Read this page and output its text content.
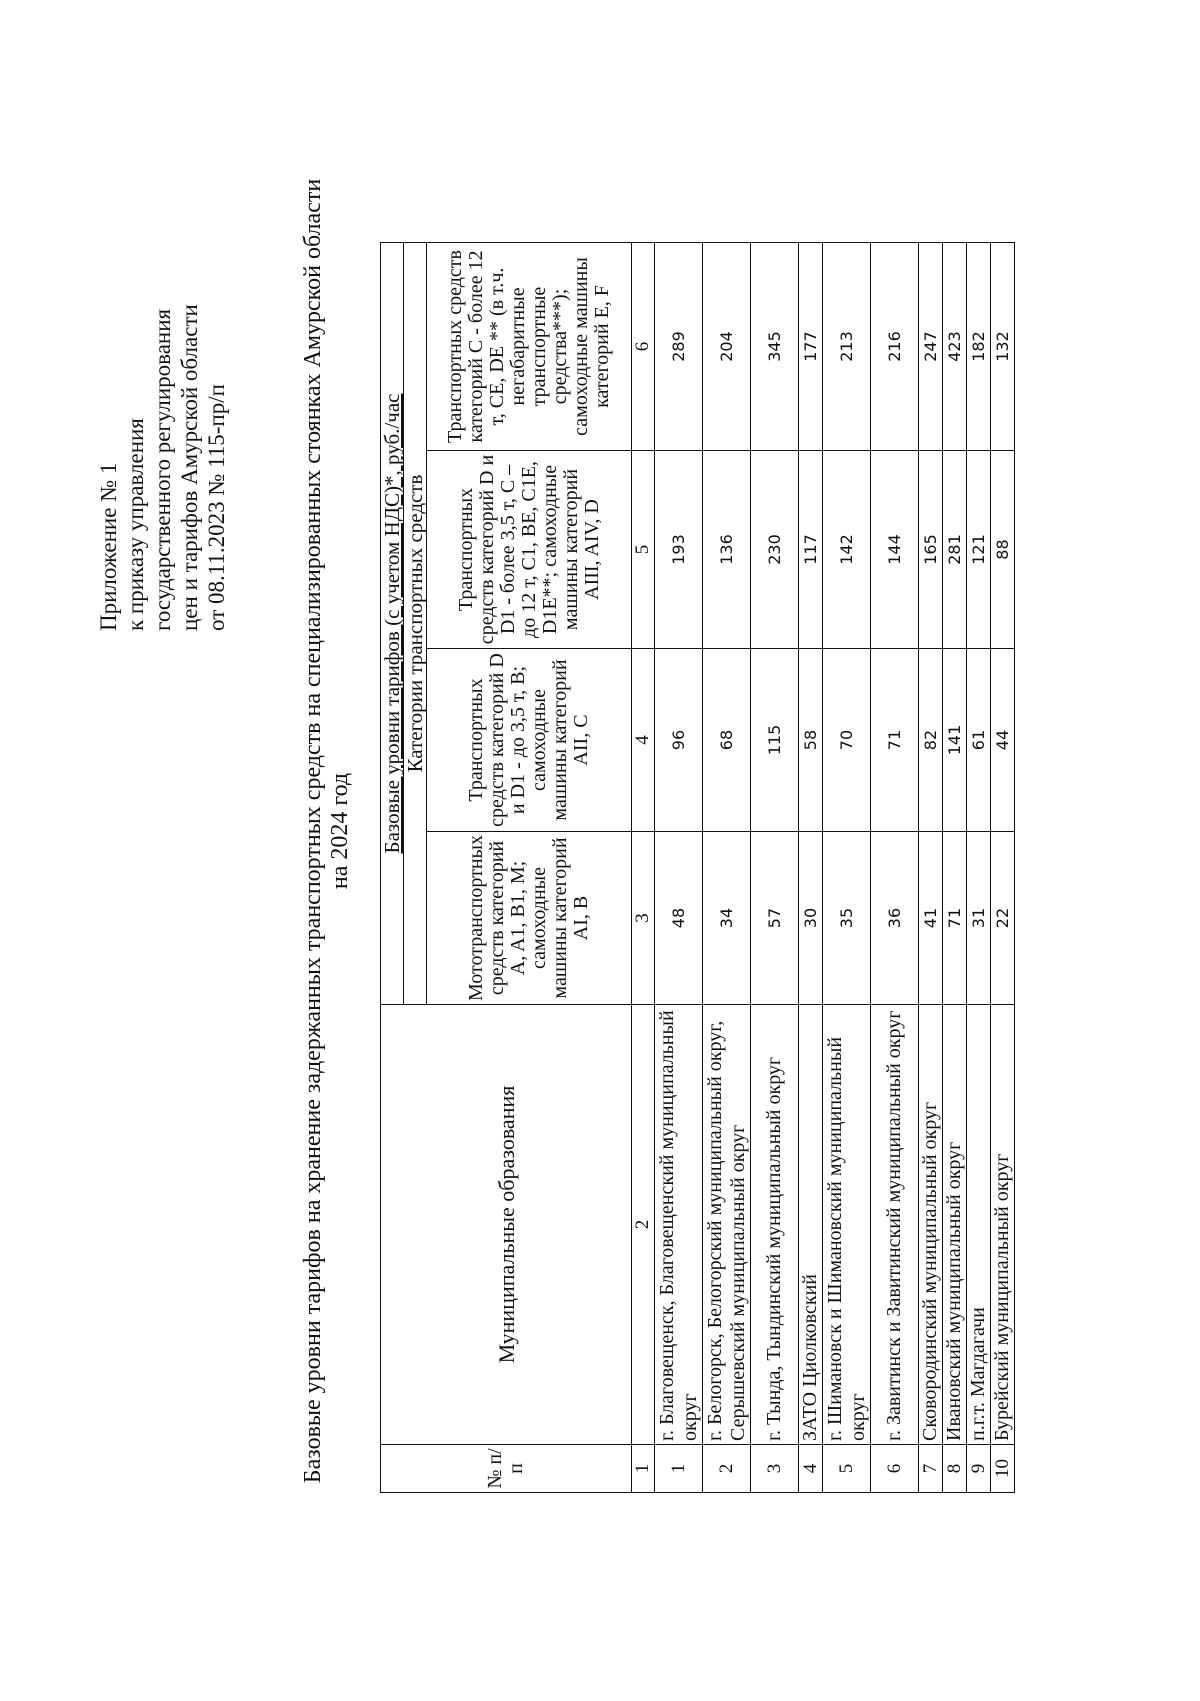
Приложение № 1 к приказу управления государственного регулирования цен и тарифов Амурской области от 08.11.2023 № 115-пр/п	Базовые уровни тарифов на хранение задержанных транспортных средств на специализированных стоянках Амурской области на 2024 год
№ п/п	Муниципальные образования	Базовые уровни тарифов (с учетом НДС)*, руб./час			
		Категории транспортных средств			
		Мототранспортных средств категорий A, A1, B1, M; самоходные машины категорий AI, B	Транспортных средств категорий D и D1 - до 3,5 т, B; самоходные машины категорий AII, C	Транспортных средств категорий D и D1 - более 3,5 т, C – до 12 т, C1, BE, C1E, D1E**; самоходные машины категорий AIII, AIV, D	Транспортных средств категорий C - более 12 т, CE, DE ** (в т.ч. негабаритные транспортные средства***); самоходные машины категорий E, F
1	2	3	4	5	6
1	г. Благовещенск, Благовещенский муниципальный округ	48	96	193	289
2	г. Белогорск, Белогорский муниципальный округ, Серышевский муниципальный округ	34	68	136	204
3	г. Тында, Тындинский муниципальный округ	57	115	230	345
4	ЗАТО Циолковский	30	58	117	177
5	г. Шимановск и Шимановский муниципальный округ	35	70	142	213
6	г. Завитинск и Завитинский муниципальный округ	36	71	144	216
7	Сковородинский муниципальный округ	41	82	165	247
8	Ивановский муниципальный округ	71	141	281	423
9	п.г.т. Магдагачи	31	61	121	182
10	Бурейский муниципальный округ	22	44	88	132
